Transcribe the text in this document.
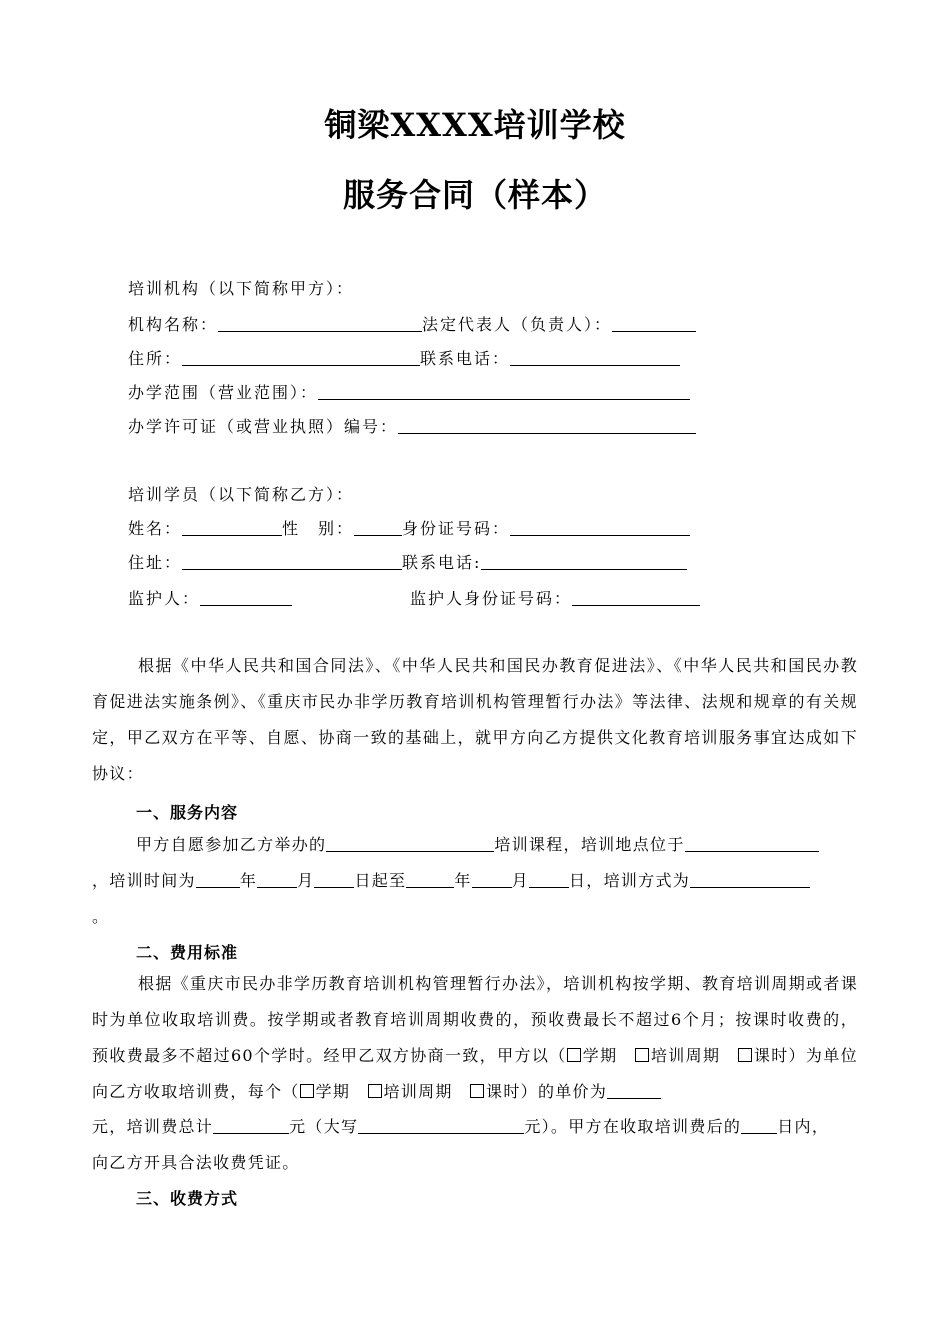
铜梁XXXX培训学校
服务合同（样本）
培训机构（以下简称甲方）：
机构名称：	法定代表人（负责人）：
住所：	联系电话：
办学范围（营业范围）：
办学许可证（或营业执照）编号：
培训学员（以下简称乙方）：
姓名：	性　别：	身份证号码：
住址：	联系电话:
监护人：	监护人身份证号码：
根据《中华人民共和国合同法》、《中华人民共和国民办教育促进法》、《中华人民共和国民办教育促进法实施条例》、《重庆市民办非学历教育培训机构管理暂行办法》等法律、法规和规章的有关规定，甲乙双方在平等、自愿、协商一致的基础上，就甲方向乙方提供文化教育培训服务事宜达成如下协议：
一、服务内容
甲方自愿参加乙方举办的	培训课程，培训地点位于
，培训时间为	年	月	日起至	年	月	日，培训方式为
。
二、费用标准
根据《重庆市民办非学历教育培训机构管理暂行办法》，培训机构按学期、教育培训周期或者课时为单位收取培训费。按学期或者教育培训周期收费的，预收费最长不超过6个月；按课时收费的，预收费最多不超过60个学时。经甲乙双方协商一致，甲方以（ 学期　 培训周期　 课时）为单位向乙方收取培训费，每个（ 学期　 培训周期　 课时）的单价为
元，培训费总计	元（大写	元）。甲方在收取培训费后的 日内，
向乙方开具合法收费凭证。
三、收费方式
